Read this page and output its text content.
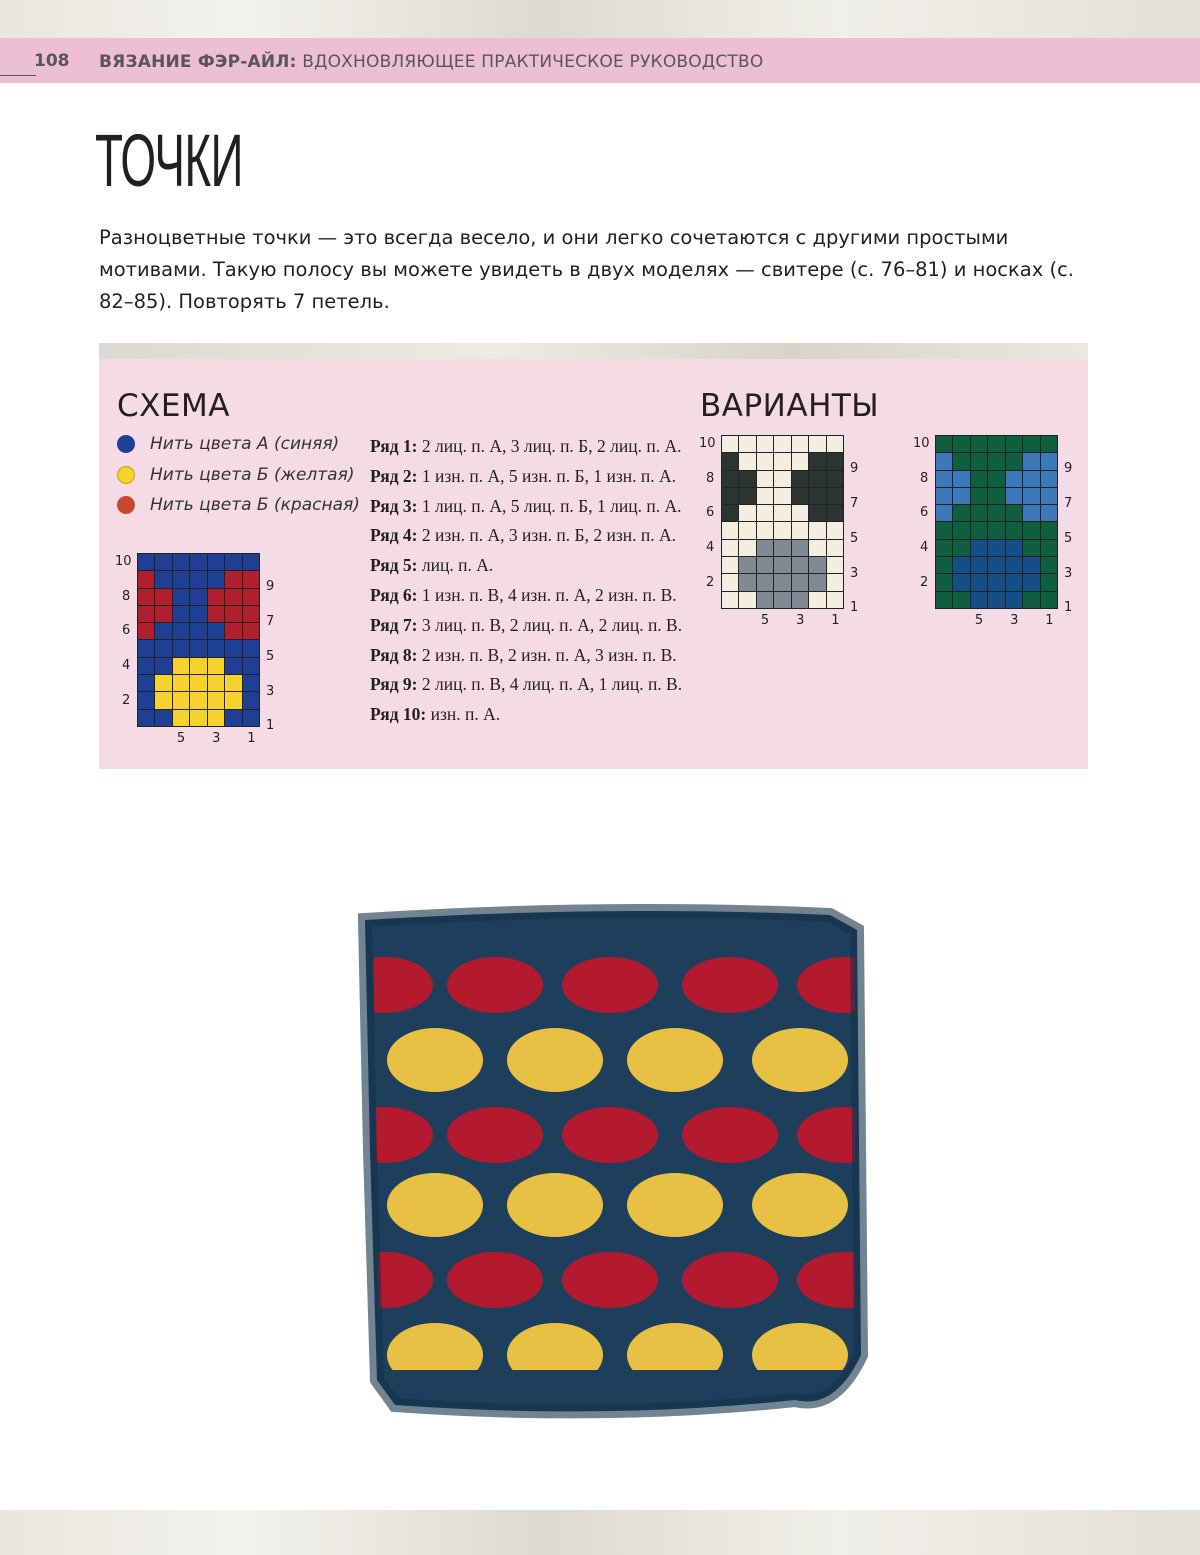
108 ВЯЗАНИЕ ФЭР-АЙЛ: ВДОХНОВЛЯЮЩЕЕ ПРАКТИЧЕСКОЕ РУКОВОДСТВО
ТОЧКИ

Разноцветные точки — это всегда весело, и они легко сочетаются с другими простыми мотивами. Такую полосу вы можете увидеть в двух моделях — свитере (с. 76–81) и носках (с. 82–85). Повторять 7 петель.

СХЕМА	ВАРИАНТЫ
Нить цвета А (синяя)
Нить цвета Б (желтая)
Нить цвета Б (красная)
Ряд 1: 2 лиц. п. А, 3 лиц. п. Б, 2 лиц. п. А.
Ряд 2: 1 изн. п. А, 5 изн. п. Б, 1 изн. п. А.
Ряд 3: 1 лиц. п. А, 5 лиц. п. Б, 1 лиц. п. А.
Ряд 4: 2 изн. п. А, 3 изн. п. Б, 2 изн. п. А.
Ряд 5: лиц. п. А.
Ряд 6: 1 изн. п. В, 4 изн. п. А, 2 изн. п. В.
Ряд 7: 3 лиц. п. В, 2 лиц. п. А, 2 лиц. п. В.
Ряд 8: 2 изн. п. В, 2 изн. п. А, 3 изн. п. В.
Ряд 9: 2 лиц. п. В, 4 лиц. п. А, 1 лиц. п. В.
Ряд 10: изн. п. А.
10
8
6
4
2
9
7
5
3
1
5 3 1
10
8
6
4
2
9
7
5
3
1
5 3 1
10
8
6
4
2
9
7
5
3
1
5 3 1
